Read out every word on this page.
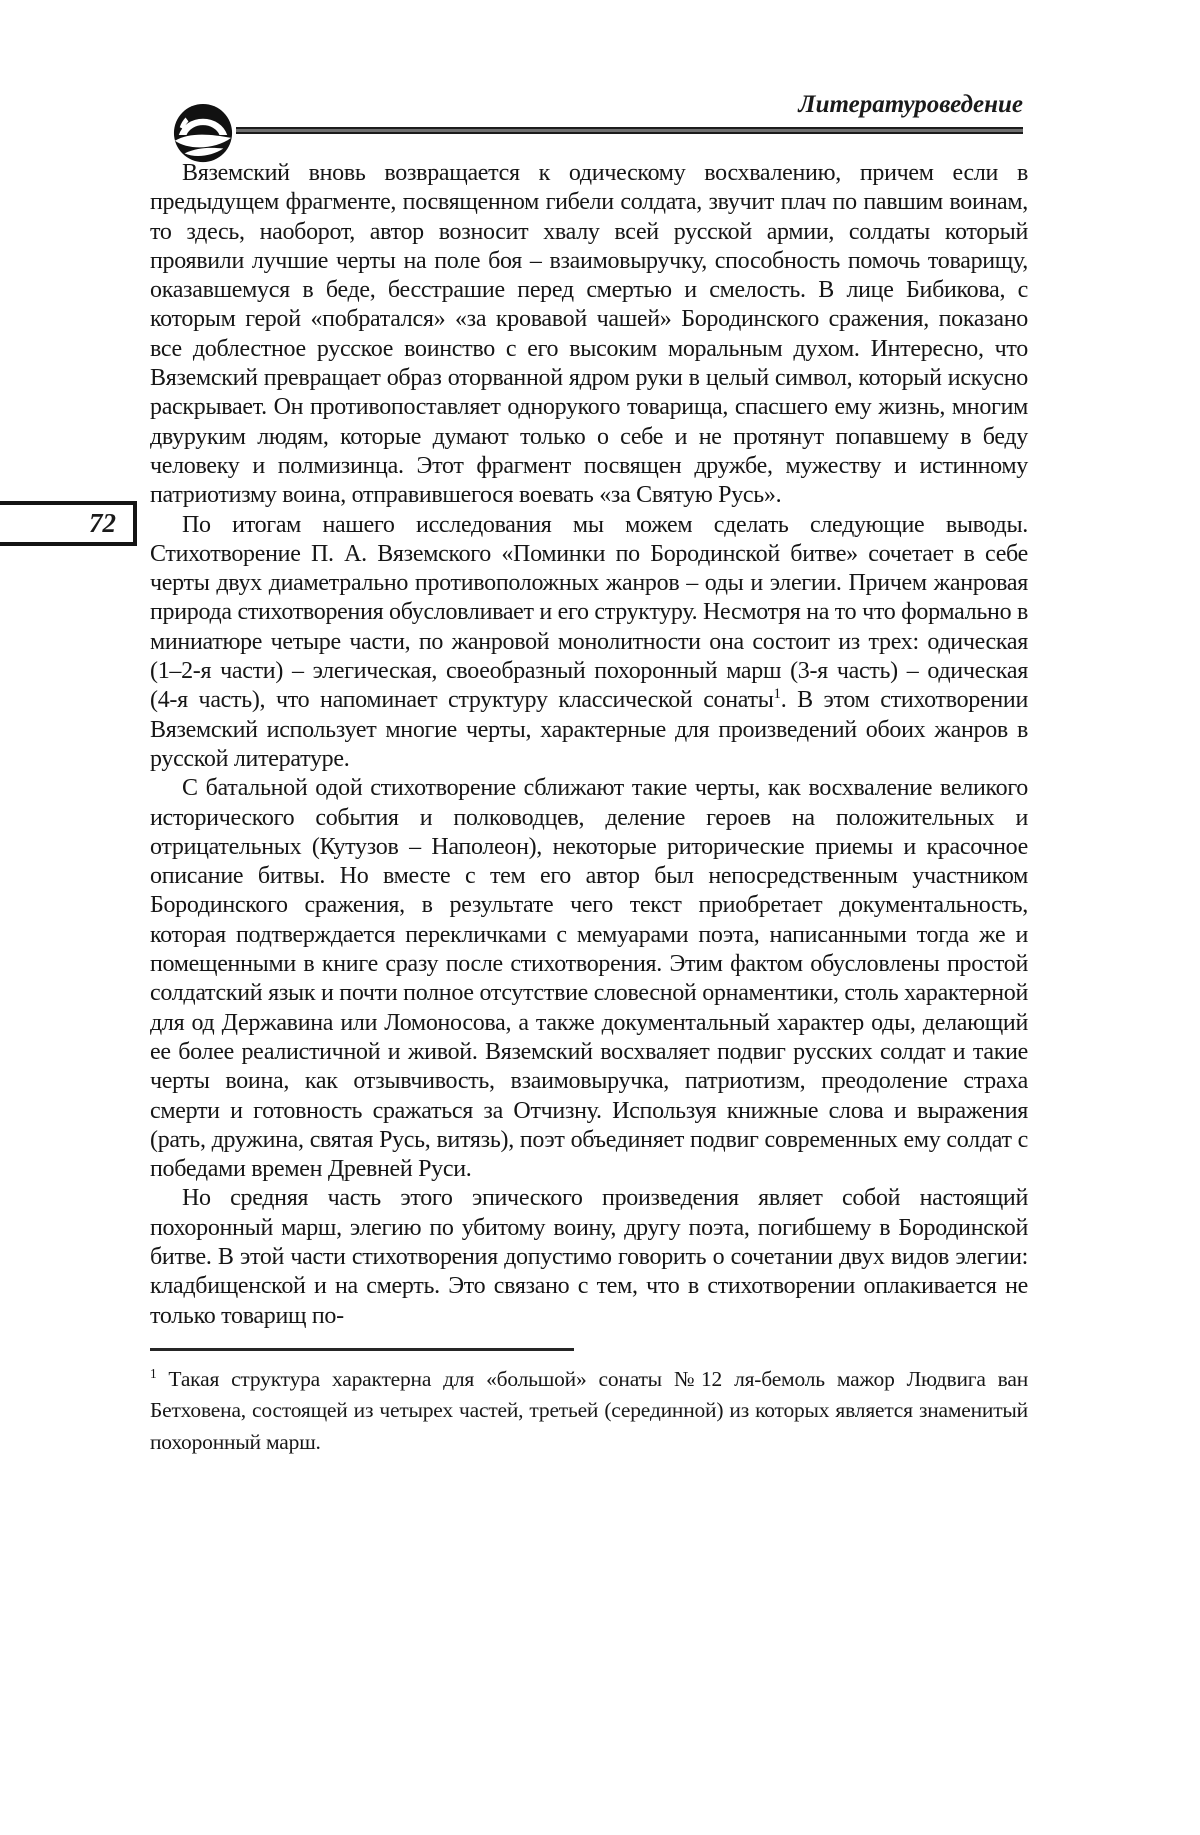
Литературоведение
72

Вяземский вновь возвращается к одическому восхвалению, причем если в предыдущем фрагменте, посвященном гибели солдата, звучит плач по павшим воинам, то здесь, наоборот, автор возносит хвалу всей русской армии, солдаты который проявили лучшие черты на поле боя – взаимовыручку, способность помочь товарищу, оказавшемуся в беде, бесстрашие перед смертью и смелость. В лице Бибикова, с которым герой «побратался» «за кровавой чашей» Бородинского сражения, показано все доблестное русское воинство с его высоким моральным духом. Интересно, что Вяземский превращает образ оторванной ядром руки в целый символ, который искусно раскрывает. Он противопоставляет однорукого товарища, спасшего ему жизнь, многим двуруким людям, которые думают только о себе и не протянут попавшему в беду человеку и полмизинца. Этот фрагмент посвящен дружбе, мужеству и истинному патриотизму воина, отправившегося воевать «за Святую Русь».

По итогам нашего исследования мы можем сделать следующие выводы. Стихотворение П. А. Вяземского «Поминки по Бородинской битве» сочетает в себе черты двух диаметрально противоположных жанров – оды и элегии. Причем жанровая природа стихотворения обусловливает и его структуру. Несмотря на то что формально в миниатюре четыре части, по жанровой монолитности она состоит из трех: одическая (1–2-я части) – элегическая, своеобразный похоронный марш (3-я часть) – одическая (4-я часть), что напоминает структуру классической сонаты$^1$. В этом стихотворении Вяземский использует многие черты, характерные для произведений обоих жанров в русской литературе.

С батальной одой стихотворение сближают такие черты, как восхваление великого исторического события и полководцев, деление героев на положительных и отрицательных (Кутузов – Наполеон), некоторые риторические приемы и красочное описание битвы. Но вместе с тем его автор был непосредственным участником Бородинского сражения, в результате чего текст приобретает документальность, которая подтверждается перекличками с мемуарами поэта, написанными тогда же и помещенными в книге сразу после стихотворения. Этим фактом обусловлены простой солдатский язык и почти полное отсутствие словесной орнаментики, столь характерной для од Державина или Ломоносова, а также документальный характер оды, делающий ее более реалистичной и живой. Вяземский восхваляет подвиг русских солдат и такие черты воина, как отзывчивость, взаимовыручка, патриотизм, преодоление страха смерти и готовность сражаться за Отчизну. Используя книжные слова и выражения (рать, дружина, святая Русь, витязь), поэт объединяет подвиг современных ему солдат с победами времен Древней Руси.

Но средняя часть этого эпического произведения являет собой настоящий похоронный марш, элегию по убитому воину, другу поэта, погибшему в Бородинской битве. В этой части стихотворения допустимо говорить о сочетании двух видов элегии: кладбищенской и на смерть. Это связано с тем, что в стихотворении оплакивается не только товарищ по-

$^1$ Такая структура характерна для «большой» сонаты №12 ля-бемоль мажор Людвига ван Бетховена, состоящей из четырех частей, третьей (серединной) из которых является знаменитый похоронный марш.
